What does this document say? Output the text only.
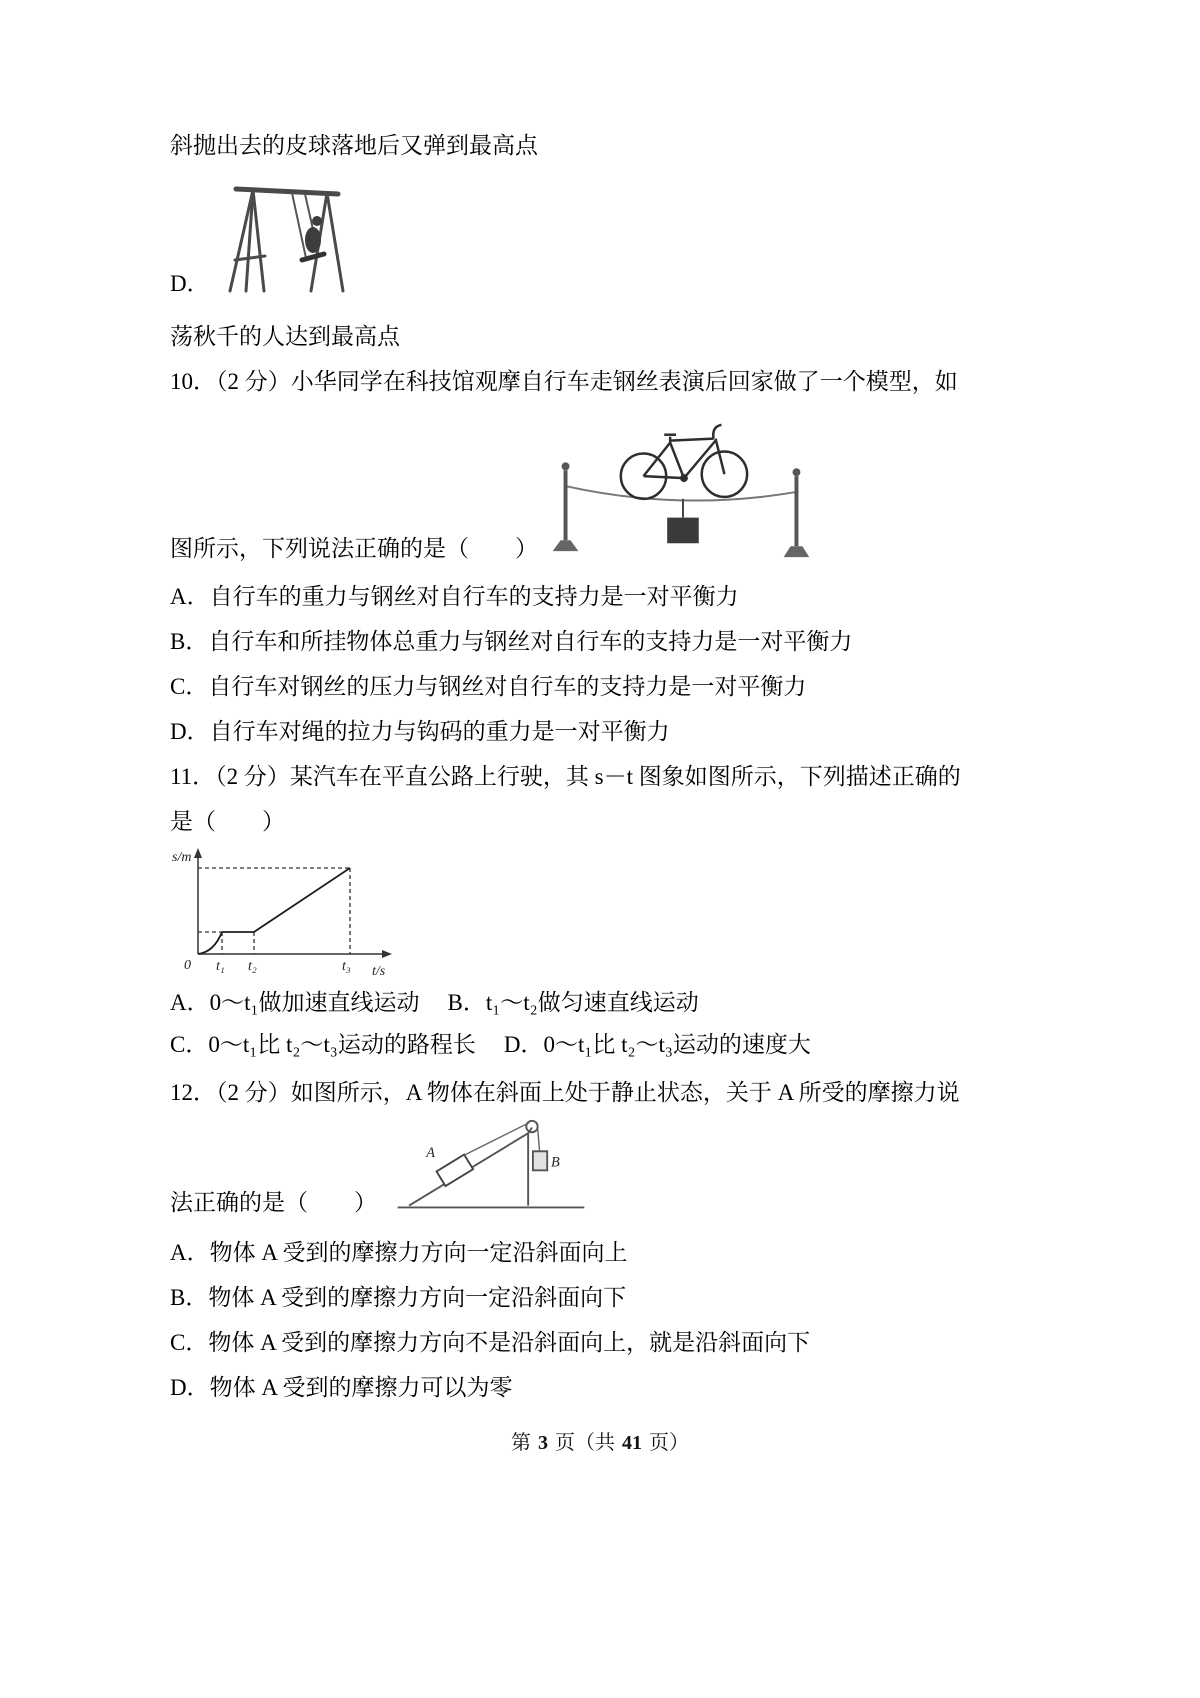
斜抛出去的皮球落地后又弹到最高点

D．

荡秋千的人达到最高点

10．（2 分）小华同学在科技馆观摩自行车走钢丝表演后回家做了一个模型，如

图所示，下列说法正确的是（　　）

A．自行车的重力与钢丝对自行车的支持力是一对平衡力

B．自行车和所挂物体总重力与钢丝对自行车的支持力是一对平衡力

C．自行车对钢丝的压力与钢丝对自行车的支持力是一对平衡力

D．自行车对绳的拉力与钩码的重力是一对平衡力

11．（2 分）某汽车在平直公路上行驶，其 s－t 图象如图所示，下列描述正确的

是（　　）

s/m
t/s
0 t₁ t₂	t₃
A．0～t₁做加速直线运动 B．t₁～t₂做匀速直线运动
C．0～t₁比 t₂～t₃运动的路程长 D．0～t₁比 t₂～t₃运动的速度大

12．（2 分）如图所示，A 物体在斜面上处于静止状态，关于 A 所受的摩擦力说

法正确的是（　　）
A
B

A．物体 A 受到的摩擦力方向一定沿斜面向上

B．物体 A 受到的摩擦力方向一定沿斜面向下

C．物体 A 受到的摩擦力方向不是沿斜面向上，就是沿斜面向下

D．物体 A 受到的摩擦力可以为零

第 3 页（共 41 页）
